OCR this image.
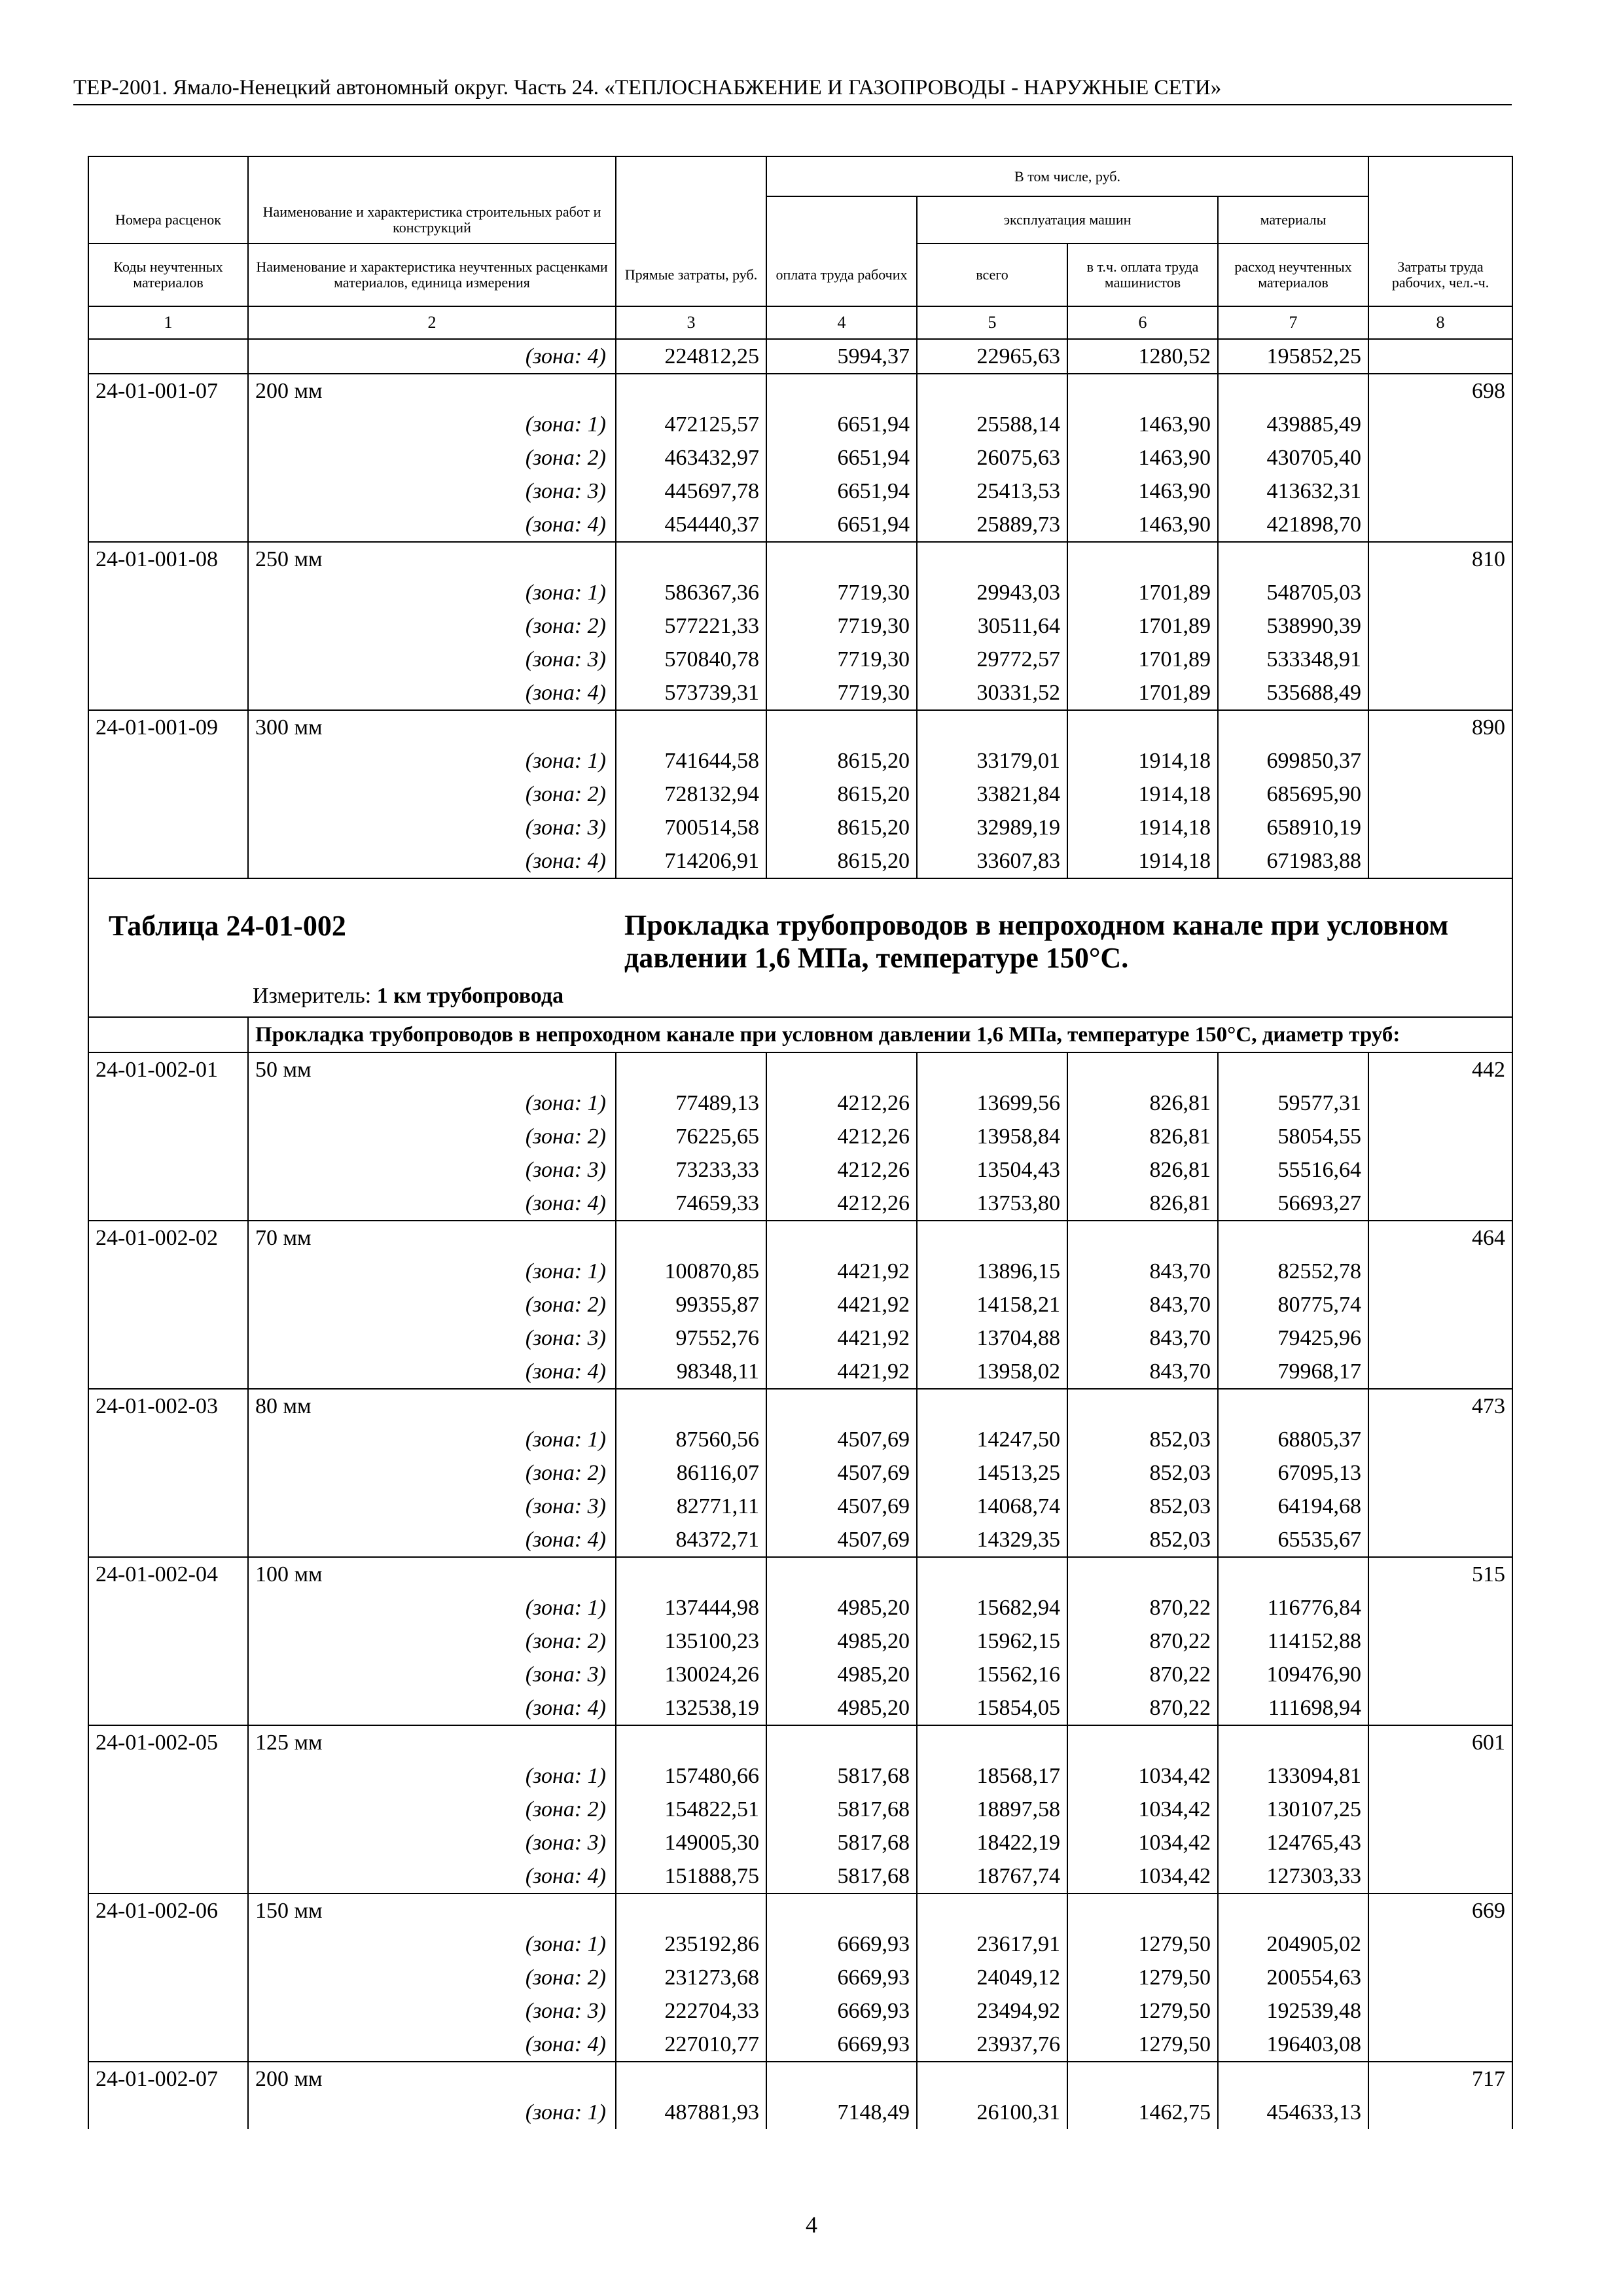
ТЕР-2001. Ямало-Ненецкий автономный округ. Часть 24. «ТЕПЛОСНАБЖЕНИЕ И ГАЗОПРОВОДЫ - НАРУЖНЫЕ СЕТИ»
			В том числе, руб.				
Номера расценок	Наименование и характеристика строительных работ и конструкций			эксплуатация машин		материалы	
Коды неучтенных материалов	Наименование и характеристика неучтенных расценками материалов, единица измерения	Прямые затраты, руб.	оплата труда рабочих	всего	в т.ч. оплата труда машинистов	расход неучтенных материалов	Затраты труда рабочих, чел.-ч.
1	2	3	4	5	6	7	8
	(зона: 4)	224812,25	5994,37	22965,63	1280,52	195852,25	
24-01-001-07	200 мм						698
	(зона: 1)	472125,57	6651,94	25588,14	1463,90	439885,49	
	(зона: 2)	463432,97	6651,94	26075,63	1463,90	430705,40	
	(зона: 3)	445697,78	6651,94	25413,53	1463,90	413632,31	
	(зона: 4)	454440,37	6651,94	25889,73	1463,90	421898,70	
24-01-001-08	250 мм						810
	(зона: 1)	586367,36	7719,30	29943,03	1701,89	548705,03	
	(зона: 2)	577221,33	7719,30	30511,64	1701,89	538990,39	
	(зона: 3)	570840,78	7719,30	29772,57	1701,89	533348,91	
	(зона: 4)	573739,31	7719,30	30331,52	1701,89	535688,49	
24-01-001-09	300 мм						890
	(зона: 1)	741644,58	8615,20	33179,01	1914,18	699850,37	
	(зона: 2)	728132,94	8615,20	33821,84	1914,18	685695,90	
	(зона: 3)	700514,58	8615,20	32989,19	1914,18	658910,19	
	(зона: 4)	714206,91	8615,20	33607,83	1914,18	671983,88	

Таблица 24-01-002 Прокладка трубопроводов в непроходном канале при условном давлении 1,6 МПа, температуре 150°С.
Измеритель: 1 км трубопровода							

	Прокладка трубопроводов в непроходном канале при условном давлении 1,6 МПа, температуре 150°С, диаметр труб:						
24-01-002-01	50 мм						442
	(зона: 1)	77489,13	4212,26	13699,56	826,81	59577,31	
	(зона: 2)	76225,65	4212,26	13958,84	826,81	58054,55	
	(зона: 3)	73233,33	4212,26	13504,43	826,81	55516,64	
	(зона: 4)	74659,33	4212,26	13753,80	826,81	56693,27	
24-01-002-02	70 мм						464
	(зона: 1)	100870,85	4421,92	13896,15	843,70	82552,78	
	(зона: 2)	99355,87	4421,92	14158,21	843,70	80775,74	
	(зона: 3)	97552,76	4421,92	13704,88	843,70	79425,96	
	(зона: 4)	98348,11	4421,92	13958,02	843,70	79968,17	
24-01-002-03	80 мм						473
	(зона: 1)	87560,56	4507,69	14247,50	852,03	68805,37	
	(зона: 2)	86116,07	4507,69	14513,25	852,03	67095,13	
	(зона: 3)	82771,11	4507,69	14068,74	852,03	64194,68	
	(зона: 4)	84372,71	4507,69	14329,35	852,03	65535,67	
24-01-002-04	100 мм						515
	(зона: 1)	137444,98	4985,20	15682,94	870,22	116776,84	
	(зона: 2)	135100,23	4985,20	15962,15	870,22	114152,88	
	(зона: 3)	130024,26	4985,20	15562,16	870,22	109476,90	
	(зона: 4)	132538,19	4985,20	15854,05	870,22	111698,94	
24-01-002-05	125 мм						601
	(зона: 1)	157480,66	5817,68	18568,17	1034,42	133094,81	
	(зона: 2)	154822,51	5817,68	18897,58	1034,42	130107,25	
	(зона: 3)	149005,30	5817,68	18422,19	1034,42	124765,43	
	(зона: 4)	151888,75	5817,68	18767,74	1034,42	127303,33	
24-01-002-06	150 мм						669
	(зона: 1)	235192,86	6669,93	23617,91	1279,50	204905,02	
	(зона: 2)	231273,68	6669,93	24049,12	1279,50	200554,63	
	(зона: 3)	222704,33	6669,93	23494,92	1279,50	192539,48	
	(зона: 4)	227010,77	6669,93	23937,76	1279,50	196403,08	
24-01-002-07	200 мм						717
	(зона: 1)	487881,93	7148,49	26100,31	1462,75	454633,13	
4
